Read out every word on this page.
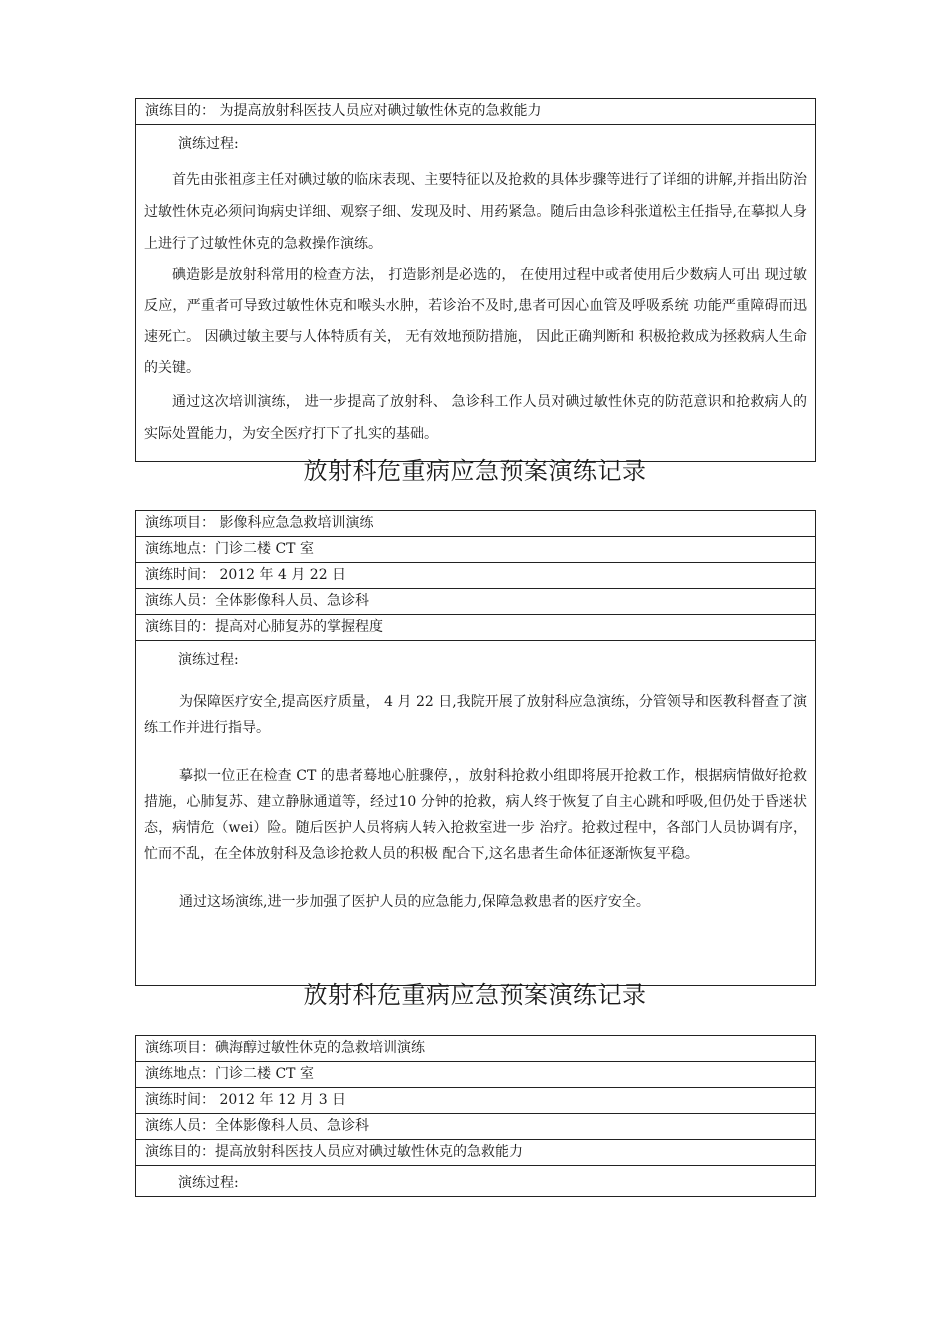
演练目的： 为提高放射科医技人员应对碘过敏性休克的急救能力
演练过程:

首先由张祖彦主任对碘过敏的临床表现、主要特征以及抢救的具体步骤等进行了详细的讲解,并指出防治过敏性休克必须问询病史详细、观察子细、发现及时、用药紧急。随后由急诊科张道松主任指导,在摹拟人身上进行了过敏性休克的急救操作演练。

碘造影是放射科常用的检查方法， 打造影剂是必选的， 在使用过程中或者使用后少数病人可出 现过敏反应，严重者可导致过敏性休克和喉头水肿，若诊治不及时,患者可因心血管及呼吸系统 功能严重障碍而迅速死亡。 因碘过敏主要与人体特质有关， 无有效地预防措施， 因此正确判断和 积极抢救成为拯救病人生命的关键。

通过这次培训演练， 进一步提高了放射科、 急诊科工作人员对碘过敏性休克的防范意识和抢救病人的实际处置能力，为安全医疗打下了扎实的基础。

放射科危重病应急预案演练记录
演练项目： 影像科应急急救培训演练
演练地点：门诊二楼 CT 室
演练时间： 2012 年 4 月 22 日
演练人员：全体影像科人员、急诊科
演练目的：提高对心肺复苏的掌握程度
演练过程:

为保障医疗安全,提高医疗质量， 4 月 22 日,我院开展了放射科应急演练，分管领导和医教科督查了演练工作并进行指导。

摹拟一位正在检查 CT 的患者蓦地心脏骤停，，放射科抢救小组即将展开抢救工作，根据病情做好抢救措施，心肺复苏、建立静脉通道等，经过10 分钟的抢救，病人终于恢复了自主心跳和呼吸,但仍处于昏迷状态，病情危（wei）险。随后医护人员将病人转入抢救室进一步 治疗。抢救过程中，各部门人员协调有序，忙而不乱，在全体放射科及急诊抢救人员的积极 配合下,这名患者生命体征逐渐恢复平稳。

通过这场演练,进一步加强了医护人员的应急能力,保障急救患者的医疗安全。

放射科危重病应急预案演练记录
演练项目：碘海醇过敏性休克的急救培训演练
演练地点：门诊二楼 CT 室
演练时间： 2012 年 12 月 3 日
演练人员：全体影像科人员、急诊科
演练目的：提高放射科医技人员应对碘过敏性休克的急救能力
演练过程:
